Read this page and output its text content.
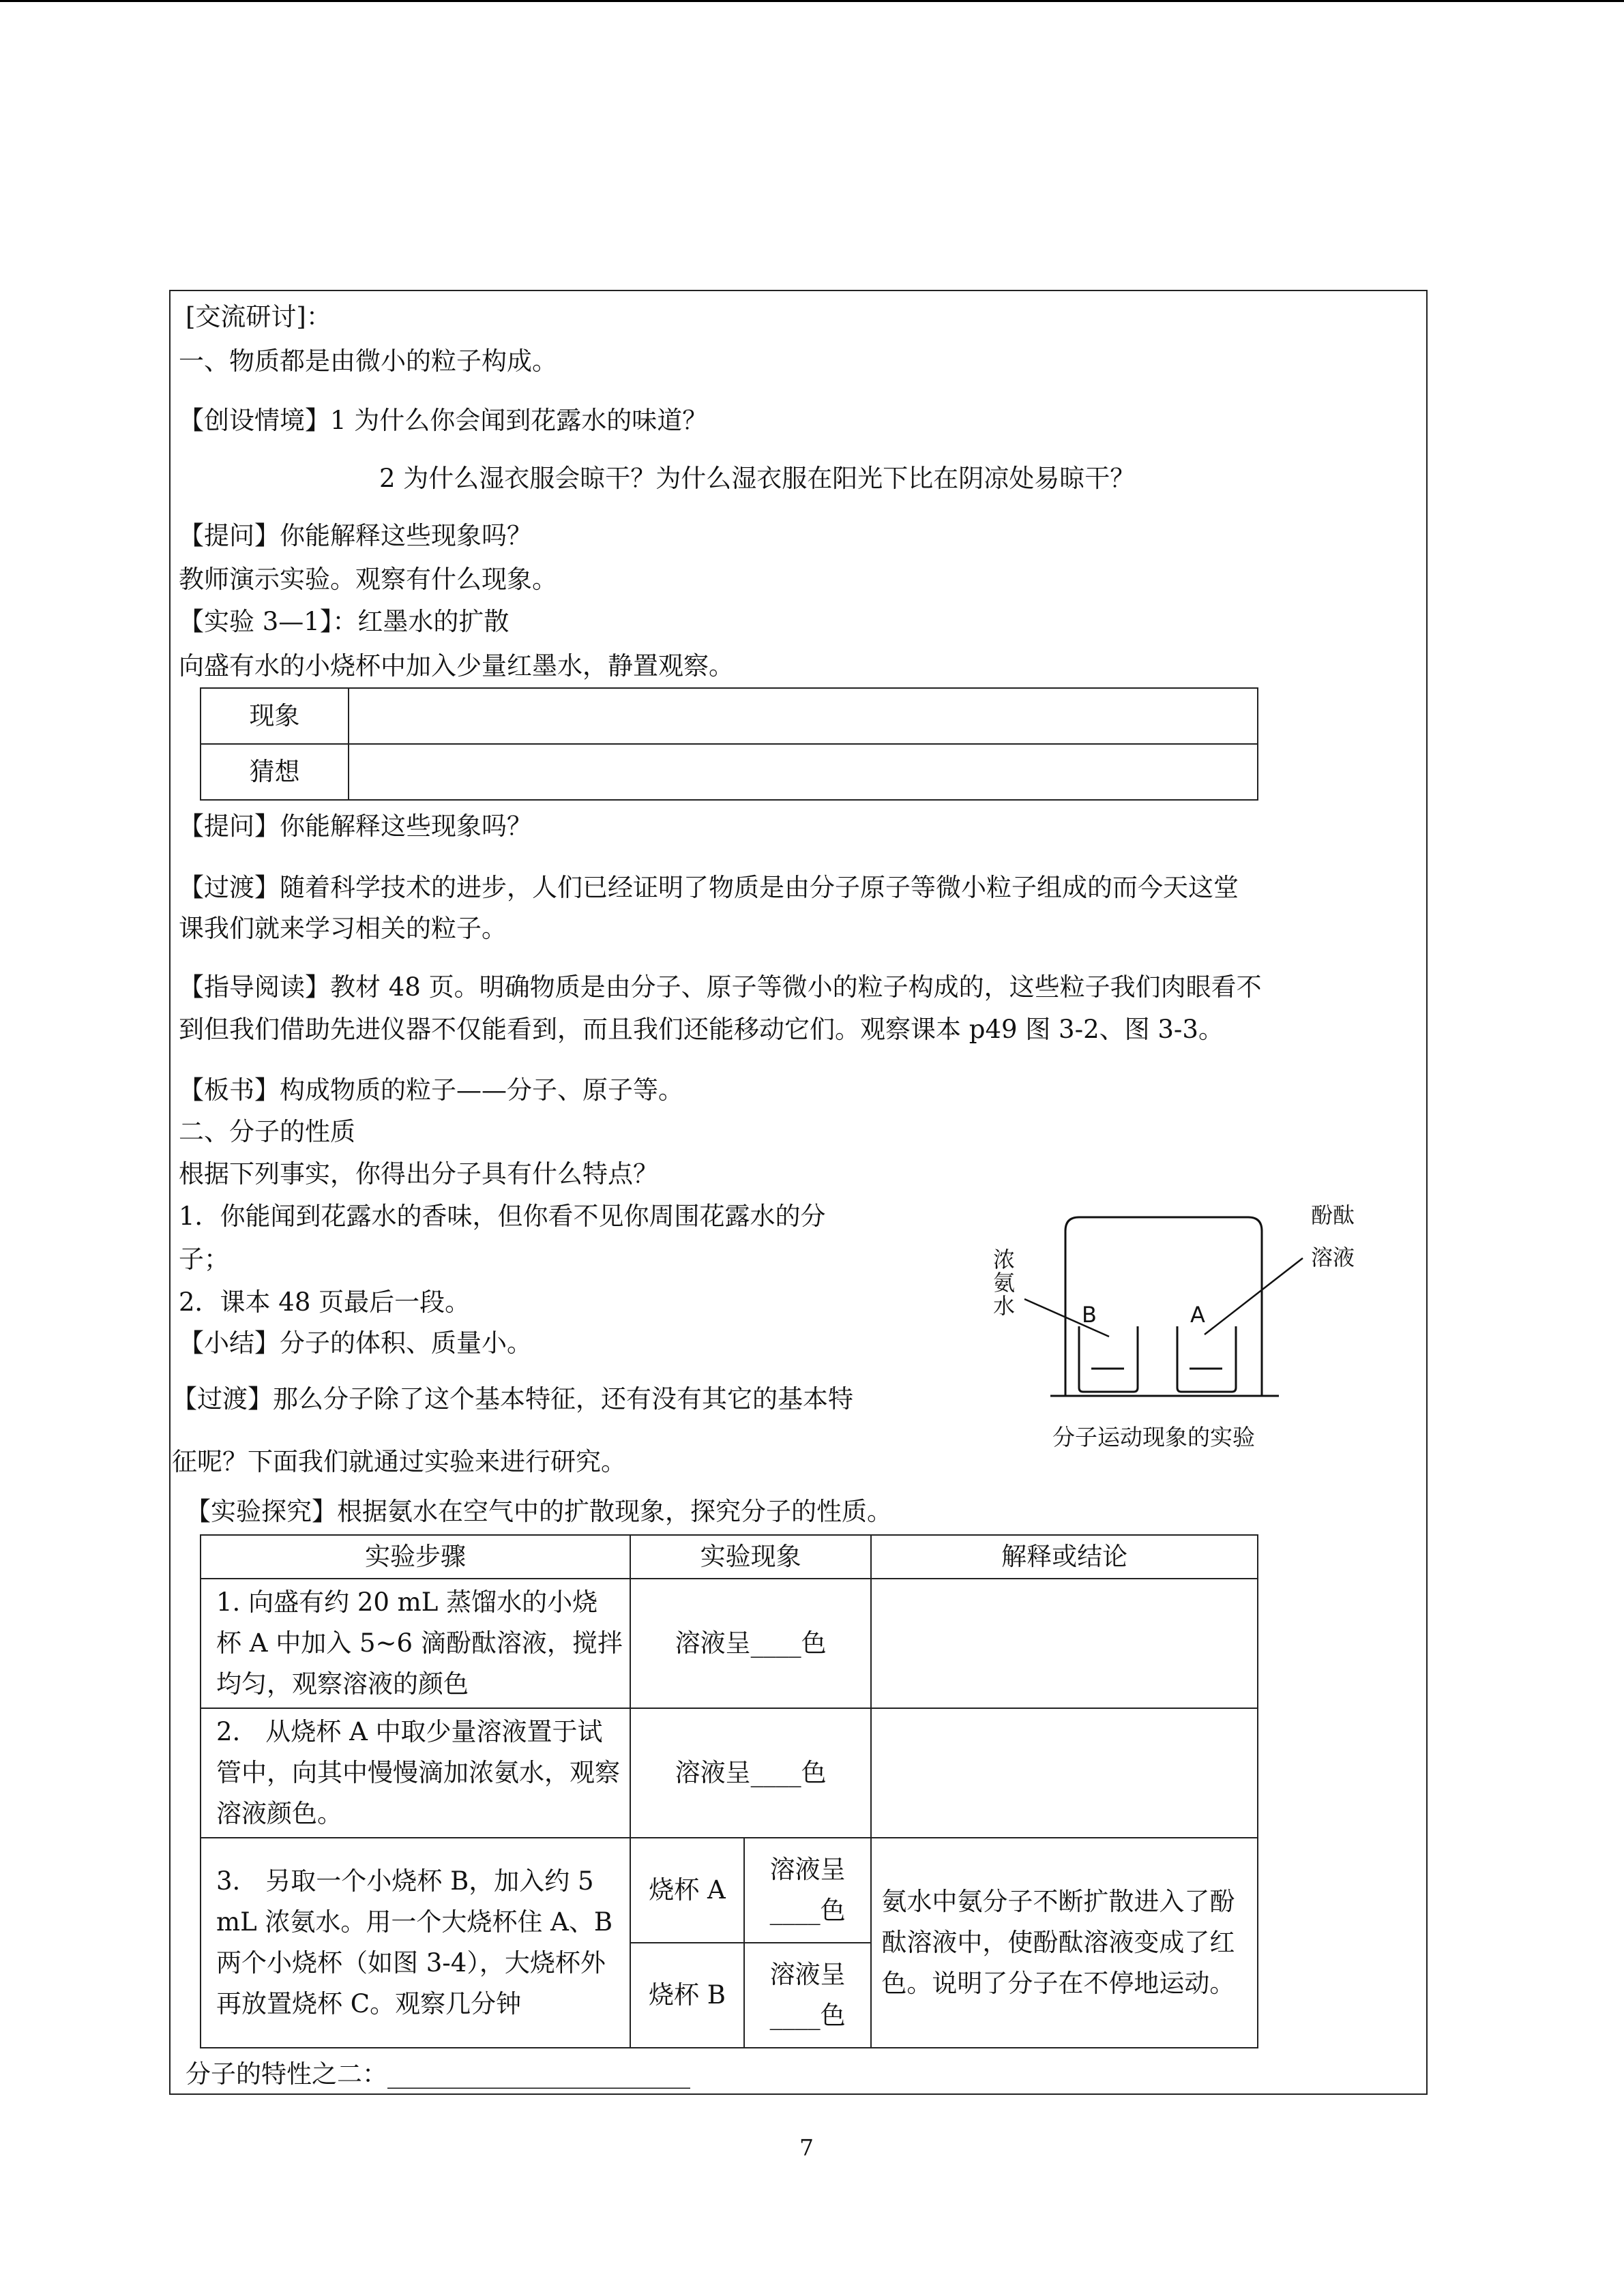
[交流研讨]：
一、物质都是由微小的粒子构成。
【创设情境】1 为什么你会闻到花露水的味道？
2 为什么湿衣服会晾干？为什么湿衣服在阳光下比在阴凉处易晾干？
【提问】你能解释这些现象吗？
教师演示实验。观察有什么现象。
【实验 3—1】：红墨水的扩散
向盛有水的小烧杯中加入少量红墨水，静置观察。
现象	
猜想	
【提问】你能解释这些现象吗？
【过渡】随着科学技术的进步，人们已经证明了物质是由分子原子等微小粒子组成的而今天这堂
课我们就来学习相关的粒子。
【指导阅读】教材 48 页。明确物质是由分子、原子等微小的粒子构成的，这些粒子我们肉眼看不
到但我们借助先进仪器不仅能看到，而且我们还能移动它们。观察课本 p49 图 3-2、图 3-3。
【板书】构成物质的粒子——分子、原子等。
二、分子的性质
根据下列事实，你得出分子具有什么特点？
1．你能闻到花露水的香味，但你看不见你周围花露水的分
子；
2．课本 48 页最后一段。
【小结】分子的体积、质量小。
【过渡】那么分子除了这个基本特征，还有没有其它的基本特
征呢？下面我们就通过实验来进行研究。
浓氨水
酚酞
溶液
B	A
分子运动现象的实验
【实验探究】根据氨水在空气中的扩散现象，探究分子的性质。
实验步骤	实验现象		解释或结论
1. 向盛有约 20 mL 蒸馏水的小烧杯 A 中加入 5~6 滴酚酞溶液，搅拌均匀，观察溶液的颜色	溶液呈____色		
2.　从烧杯 A 中取少量溶液置于试管中，向其中慢慢滴加浓氨水，观察溶液颜色。	溶液呈____色		
3.　另取一个小烧杯 B，加入约 5 mL 浓氨水。用一个大烧杯住 A、B 两个小烧杯（如图 3-4），大烧杯外再放置烧杯 C。观察几分钟	烧杯 A	溶液呈____色	氨水中氨分子不断扩散进入了酚酞溶液中，使酚酞溶液变成了红色。说明了分子在不停地运动。
	烧杯 B	溶液呈____色	
分子的特性之二：________________________
7
